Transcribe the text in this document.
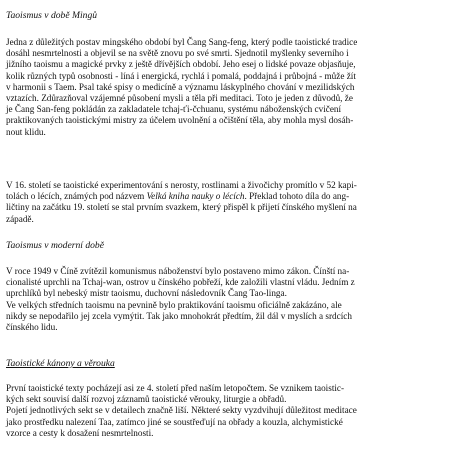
Taoismus v době Mingů
Jedna z důležitých postav mingského období byl Čang Sang-feng, který podle taoistické tradice
dosáhl nesmrtelnosti a objevil se na světě znovu po své smrti. Sjednotil myšlenky severního i
jižního taoismu a magické prvky z ještě dřívějších období. Jeho esej o lidské povaze objasňuje,
kolik různých typů osobnosti - líná i energická, rychlá i pomalá, poddajná i průbojná - může žít
v harmonii s Taem. Psal také spisy o medicíně a významu láskyplného chování v mezilidských
vztazích. Zdůrazňoval vzájemné působení mysli a těla při meditaci. Toto je jeden z důvodů, že
je Čang San-feng pokládán za zakladatele tchaj-ťi-čchuanu, systému náboženských cvičení
praktikovaných taoistickými mistry za účelem uvolnění a očištění těla, aby mohla mysl dosáh-
nout klidu.
V 16. století se taoistické experimentování s nerosty, rostlinami a živočichy promítlo v 52 kapi-
tolách o lécích, známých pod názvem Velká kniha nauky o lécích. Překlad tohoto díla do ang-
ličtiny na začátku 19. století se stal prvním svazkem, který přispěl k přijetí čínského myšlení na
západě.
Taoismus v moderní době
V roce 1949 v Číně zvítězil komunismus náboženství bylo postaveno mimo zákon. Čínští na-
cionalisté uprchli na Tchaj-wan, ostrov u čínského pobřeží, kde založili vlastní vládu. Jedním z
uprchlíků byl nebeský mistr taoismu, duchovní následovník Čang Tao-linga.
Ve velkých středních taoismu na pevnině bylo praktikování taoismu oficiálně zakázáno, ale
nikdy se nepodařilo jej zcela vymýtit. Tak jako mnohokrát předtím, žil dál v myslích a srdcích
čínského lidu.
Taoistické kánony a věrouka
První taoistické texty pocházejí asi ze 4. století před naším letopočtem. Se vznikem taoistic-
kých sekt souvisí další rozvoj záznamů taoistické věrouky, liturgie a obřadů.
Pojetí jednotlivých sekt se v detailech značně liší. Některé sekty vyzdvihují důležitost meditace
jako prostředku nalezení Taa, zatímco jiné se soustřeďují na obřady a kouzla, alchymistické
vzorce a cesty k dosažení nesmrtelnosti.
